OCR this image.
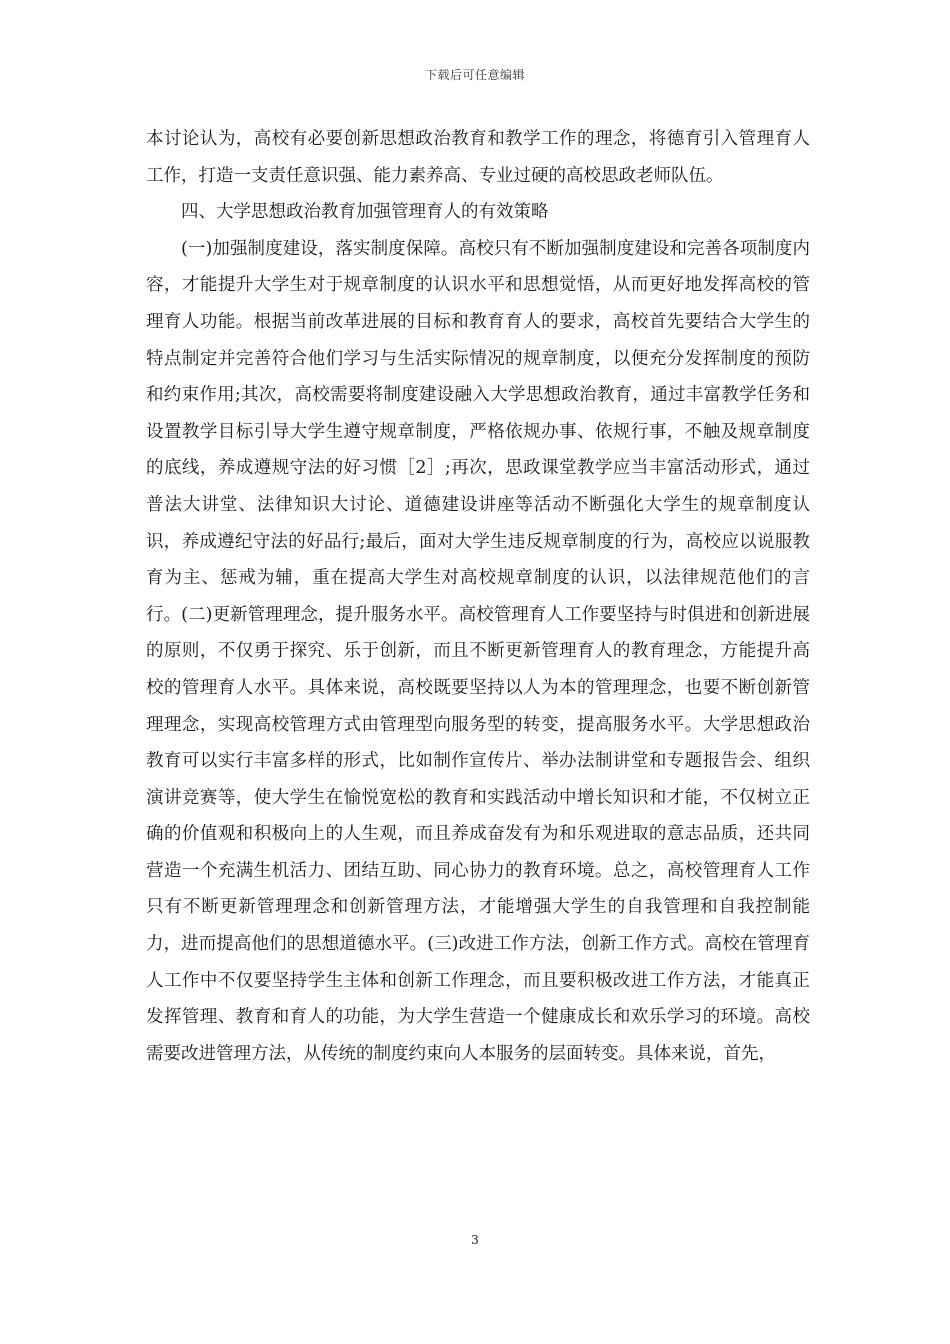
下载后可任意编辑

本讨论认为，高校有必要创新思想政治教育和教学工作的理念，将德育引入管理育人工作，打造一支责任意识强、能力素养高、专业过硬的高校思政老师队伍。

四、大学思想政治教育加强管理育人的有效策略

(一)加强制度建设，落实制度保障。高校只有不断加强制度建设和完善各项制度内容，才能提升大学生对于规章制度的认识水平和思想觉悟，从而更好地发挥高校的管理育人功能。根据当前改革进展的目标和教育育人的要求，高校首先要结合大学生的特点制定并完善符合他们学习与生活实际情况的规章制度，以便充分发挥制度的预防和约束作用;其次，高校需要将制度建设融入大学思想政治教育，通过丰富教学任务和设置教学目标引导大学生遵守规章制度，严格依规办事、依规行事，不触及规章制度的底线，养成遵规守法的好习惯［2］;再次，思政课堂教学应当丰富活动形式，通过普法大讲堂、法律知识大讨论、道德建设讲座等活动不断强化大学生的规章制度认识，养成遵纪守法的好品行;最后，面对大学生违反规章制度的行为，高校应以说服教育为主、惩戒为辅，重在提高大学生对高校规章制度的认识，以法律规范他们的言行。(二)更新管理理念，提升服务水平。高校管理育人工作要坚持与时俱进和创新进展的原则，不仅勇于探究、乐于创新，而且不断更新管理育人的教育理念，方能提升高校的管理育人水平。具体来说，高校既要坚持以人为本的管理理念，也要不断创新管理理念，实现高校管理方式由管理型向服务型的转变，提高服务水平。大学思想政治教育可以实行丰富多样的形式，比如制作宣传片、举办法制讲堂和专题报告会、组织演讲竞赛等，使大学生在愉悦宽松的教育和实践活动中增长知识和才能，不仅树立正确的价值观和积极向上的人生观，而且养成奋发有为和乐观进取的意志品质，还共同营造一个充满生机活力、团结互助、同心协力的教育环境。总之，高校管理育人工作只有不断更新管理理念和创新管理方法，才能增强大学生的自我管理和自我控制能力，进而提高他们的思想道德水平。(三)改进工作方法，创新工作方式。高校在管理育人工作中不仅要坚持学生主体和创新工作理念，而且要积极改进工作方法，才能真正发挥管理、教育和育人的功能，为大学生营造一个健康成长和欢乐学习的环境。高校需要改进管理方法，从传统的制度约束向人本服务的层面转变。具体来说，首先，

3
